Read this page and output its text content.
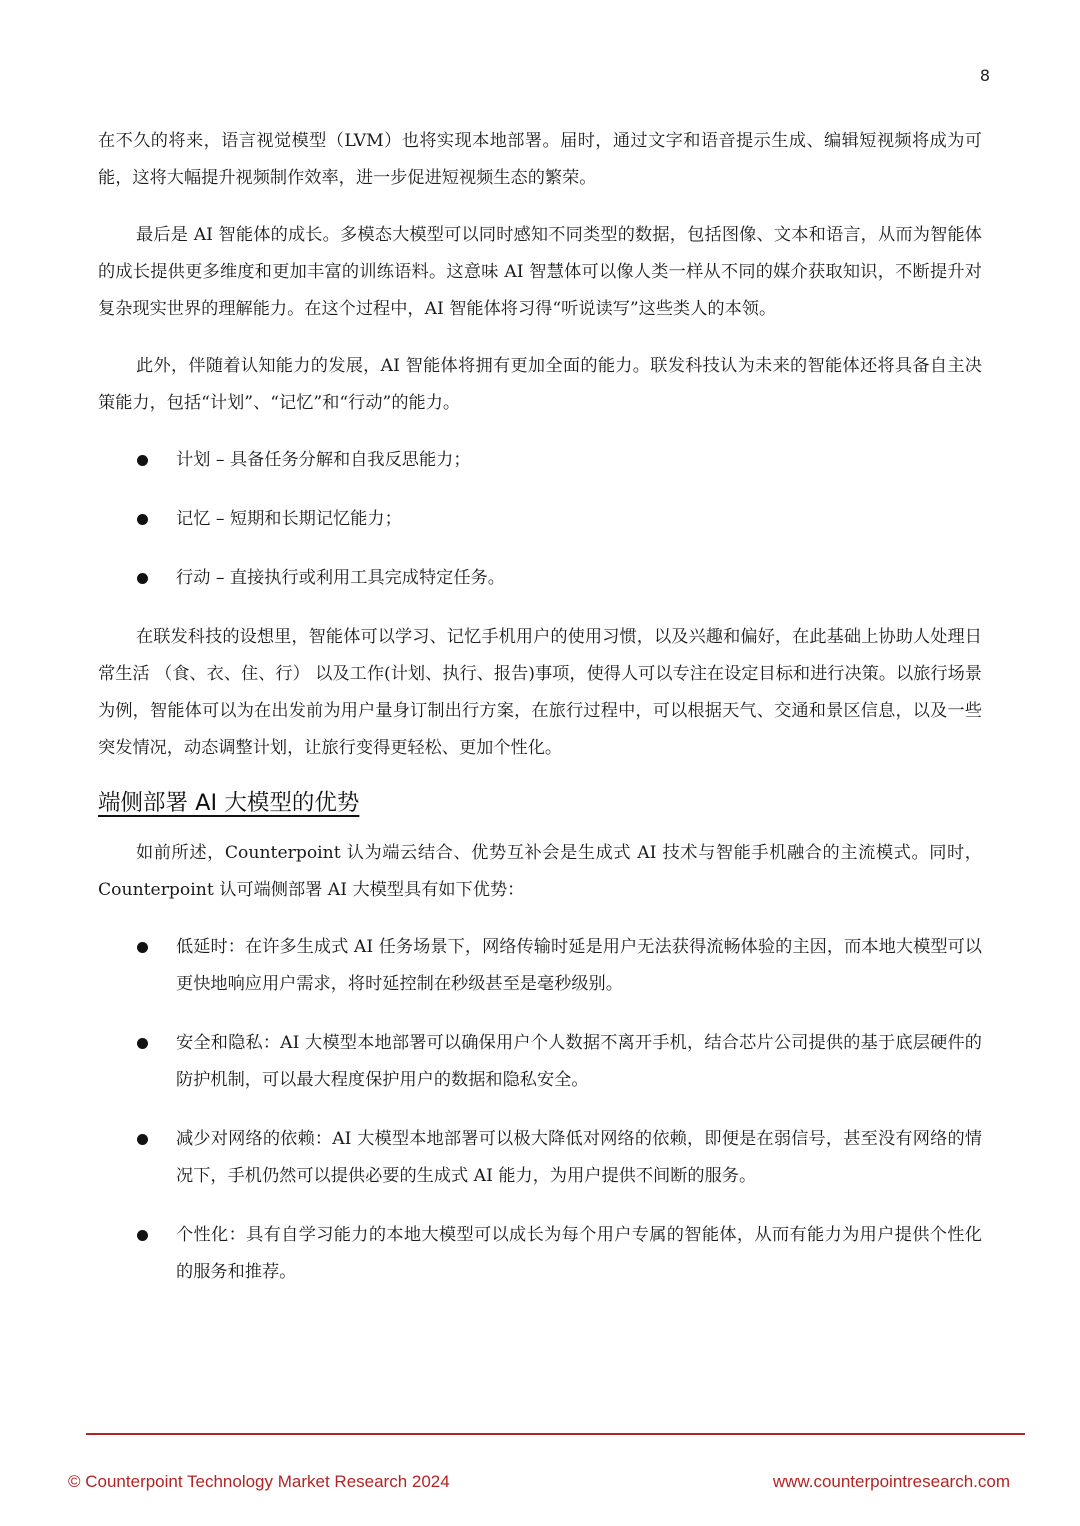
8

在不久的将来，语言视觉模型（LVM）也将实现本地部署。届时，通过文字和语音提示生成、编辑短视频将成为可能，这将大幅提升视频制作效率，进一步促进短视频生态的繁荣。

最后是 AI 智能体的成长。多模态大模型可以同时感知不同类型的数据，包括图像、文本和语言，从而为智能体的成长提供更多维度和更加丰富的训练语料。这意味 AI 智慧体可以像人类一样从不同的媒介获取知识，不断提升对复杂现实世界的理解能力。在这个过程中，AI 智能体将习得“听说读写”这些类人的本领。

此外，伴随着认知能力的发展，AI 智能体将拥有更加全面的能力。联发科技认为未来的智能体还将具备自主决策能力，包括“计划”、“记忆”和“行动”的能力。

计划 – 具备任务分解和自我反思能力；
记忆 – 短期和长期记忆能力；
行动 – 直接执行或利用工具完成特定任务。

在联发科技的设想里，智能体可以学习、记忆手机用户的使用习惯，以及兴趣和偏好，在此基础上协助人处理日常生活 （食、衣、住、行） 以及工作(计划、执行、报告)事项，使得人可以专注在设定目标和进行决策。以旅行场景为例，智能体可以为在出发前为用户量身订制出行方案，在旅行过程中，可以根据天气、交通和景区信息，以及一些突发情况，动态调整计划，让旅行变得更轻松、更加个性化。

端侧部署 AI 大模型的优势

如前所述，Counterpoint 认为端云结合、优势互补会是生成式 AI 技术与智能手机融合的主流模式。同时，Counterpoint 认可端侧部署 AI 大模型具有如下优势：

低延时：在许多生成式 AI 任务场景下，网络传输时延是用户无法获得流畅体验的主因，而本地大模型可以更快地响应用户需求，将时延控制在秒级甚至是毫秒级别。
安全和隐私：AI 大模型本地部署可以确保用户个人数据不离开手机，结合芯片公司提供的基于底层硬件的防护机制，可以最大程度保护用户的数据和隐私安全。
减少对网络的依赖：AI 大模型本地部署可以极大降低对网络的依赖，即便是在弱信号，甚至没有网络的情况下，手机仍然可以提供必要的生成式 AI 能力，为用户提供不间断的服务。
个性化：具有自学习能力的本地大模型可以成长为每个用户专属的智能体，从而有能力为用户提供个性化的服务和推荐。
© Counterpoint Technology Market Research 2024	www.counterpointresearch.com
